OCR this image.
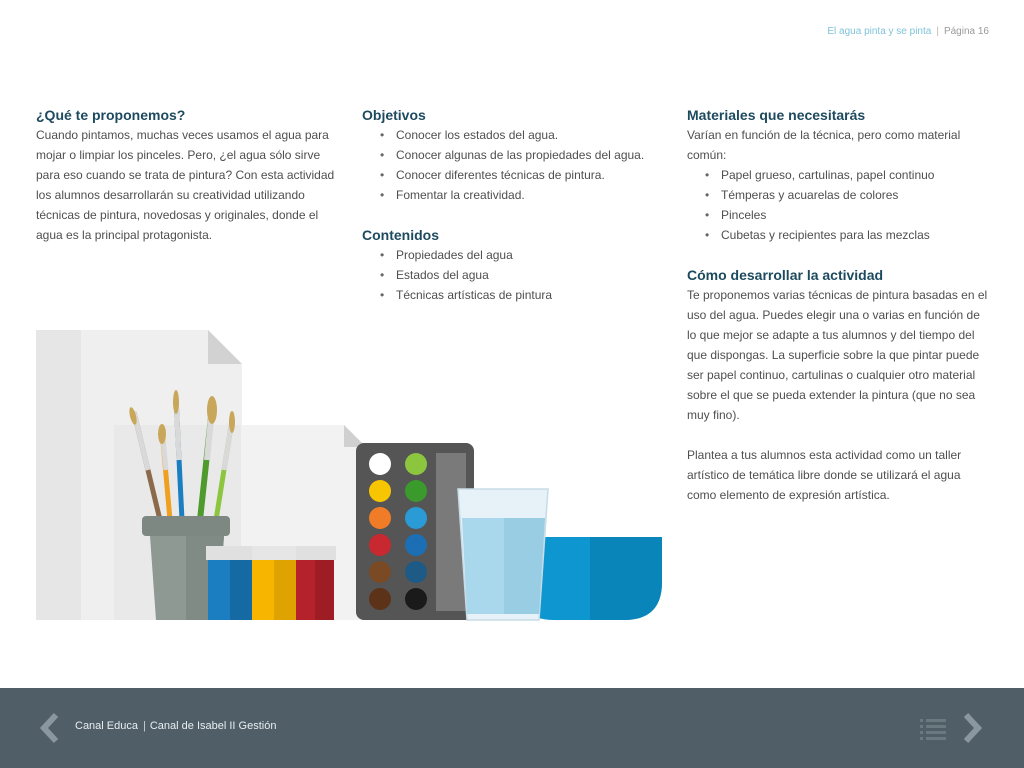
El agua pinta y se pinta | Página 16
¿Qué te proponemos?

Cuando pintamos, muchas veces usamos el agua para mojar o limpiar los pinceles. Pero, ¿el agua sólo sirve para eso cuando se trata de pintura? Con esta actividad los alumnos desarrollarán su creatividad utilizando técnicas de pintura, novedosas y originales, donde el agua es la principal protagonista.

Objetivos
• Conocer los estados del agua.
• Conocer algunas de las propiedades del agua.
• Conocer diferentes técnicas de pintura.
• Fomentar la creatividad.
Contenidos
• Propiedades del agua
• Estados del agua
• Técnicas artísticas de pintura
Materiales que necesitarás

Varían en función de la técnica, pero como material común:

• Papel grueso, cartulinas, papel continuo
• Témperas y acuarelas de colores
• Pinceles
• Cubetas y recipientes para las mezclas
Cómo desarrollar la actividad

Te proponemos varias técnicas de pintura basadas en el uso del agua. Puedes elegir una o varias en función de lo que mejor se adapte a tus alumnos y del tiempo del que dispongas. La superficie sobre la que pintar puede ser papel continuo, cartulinas o cualquier otro material sobre el que se pueda extender la pintura (que no sea muy fino).

Plantea a tus alumnos esta actividad como un taller artístico de temática libre donde se utilizará el agua como elemento de expresión artística.

Canal Educa | Canal de Isabel II Gestión
